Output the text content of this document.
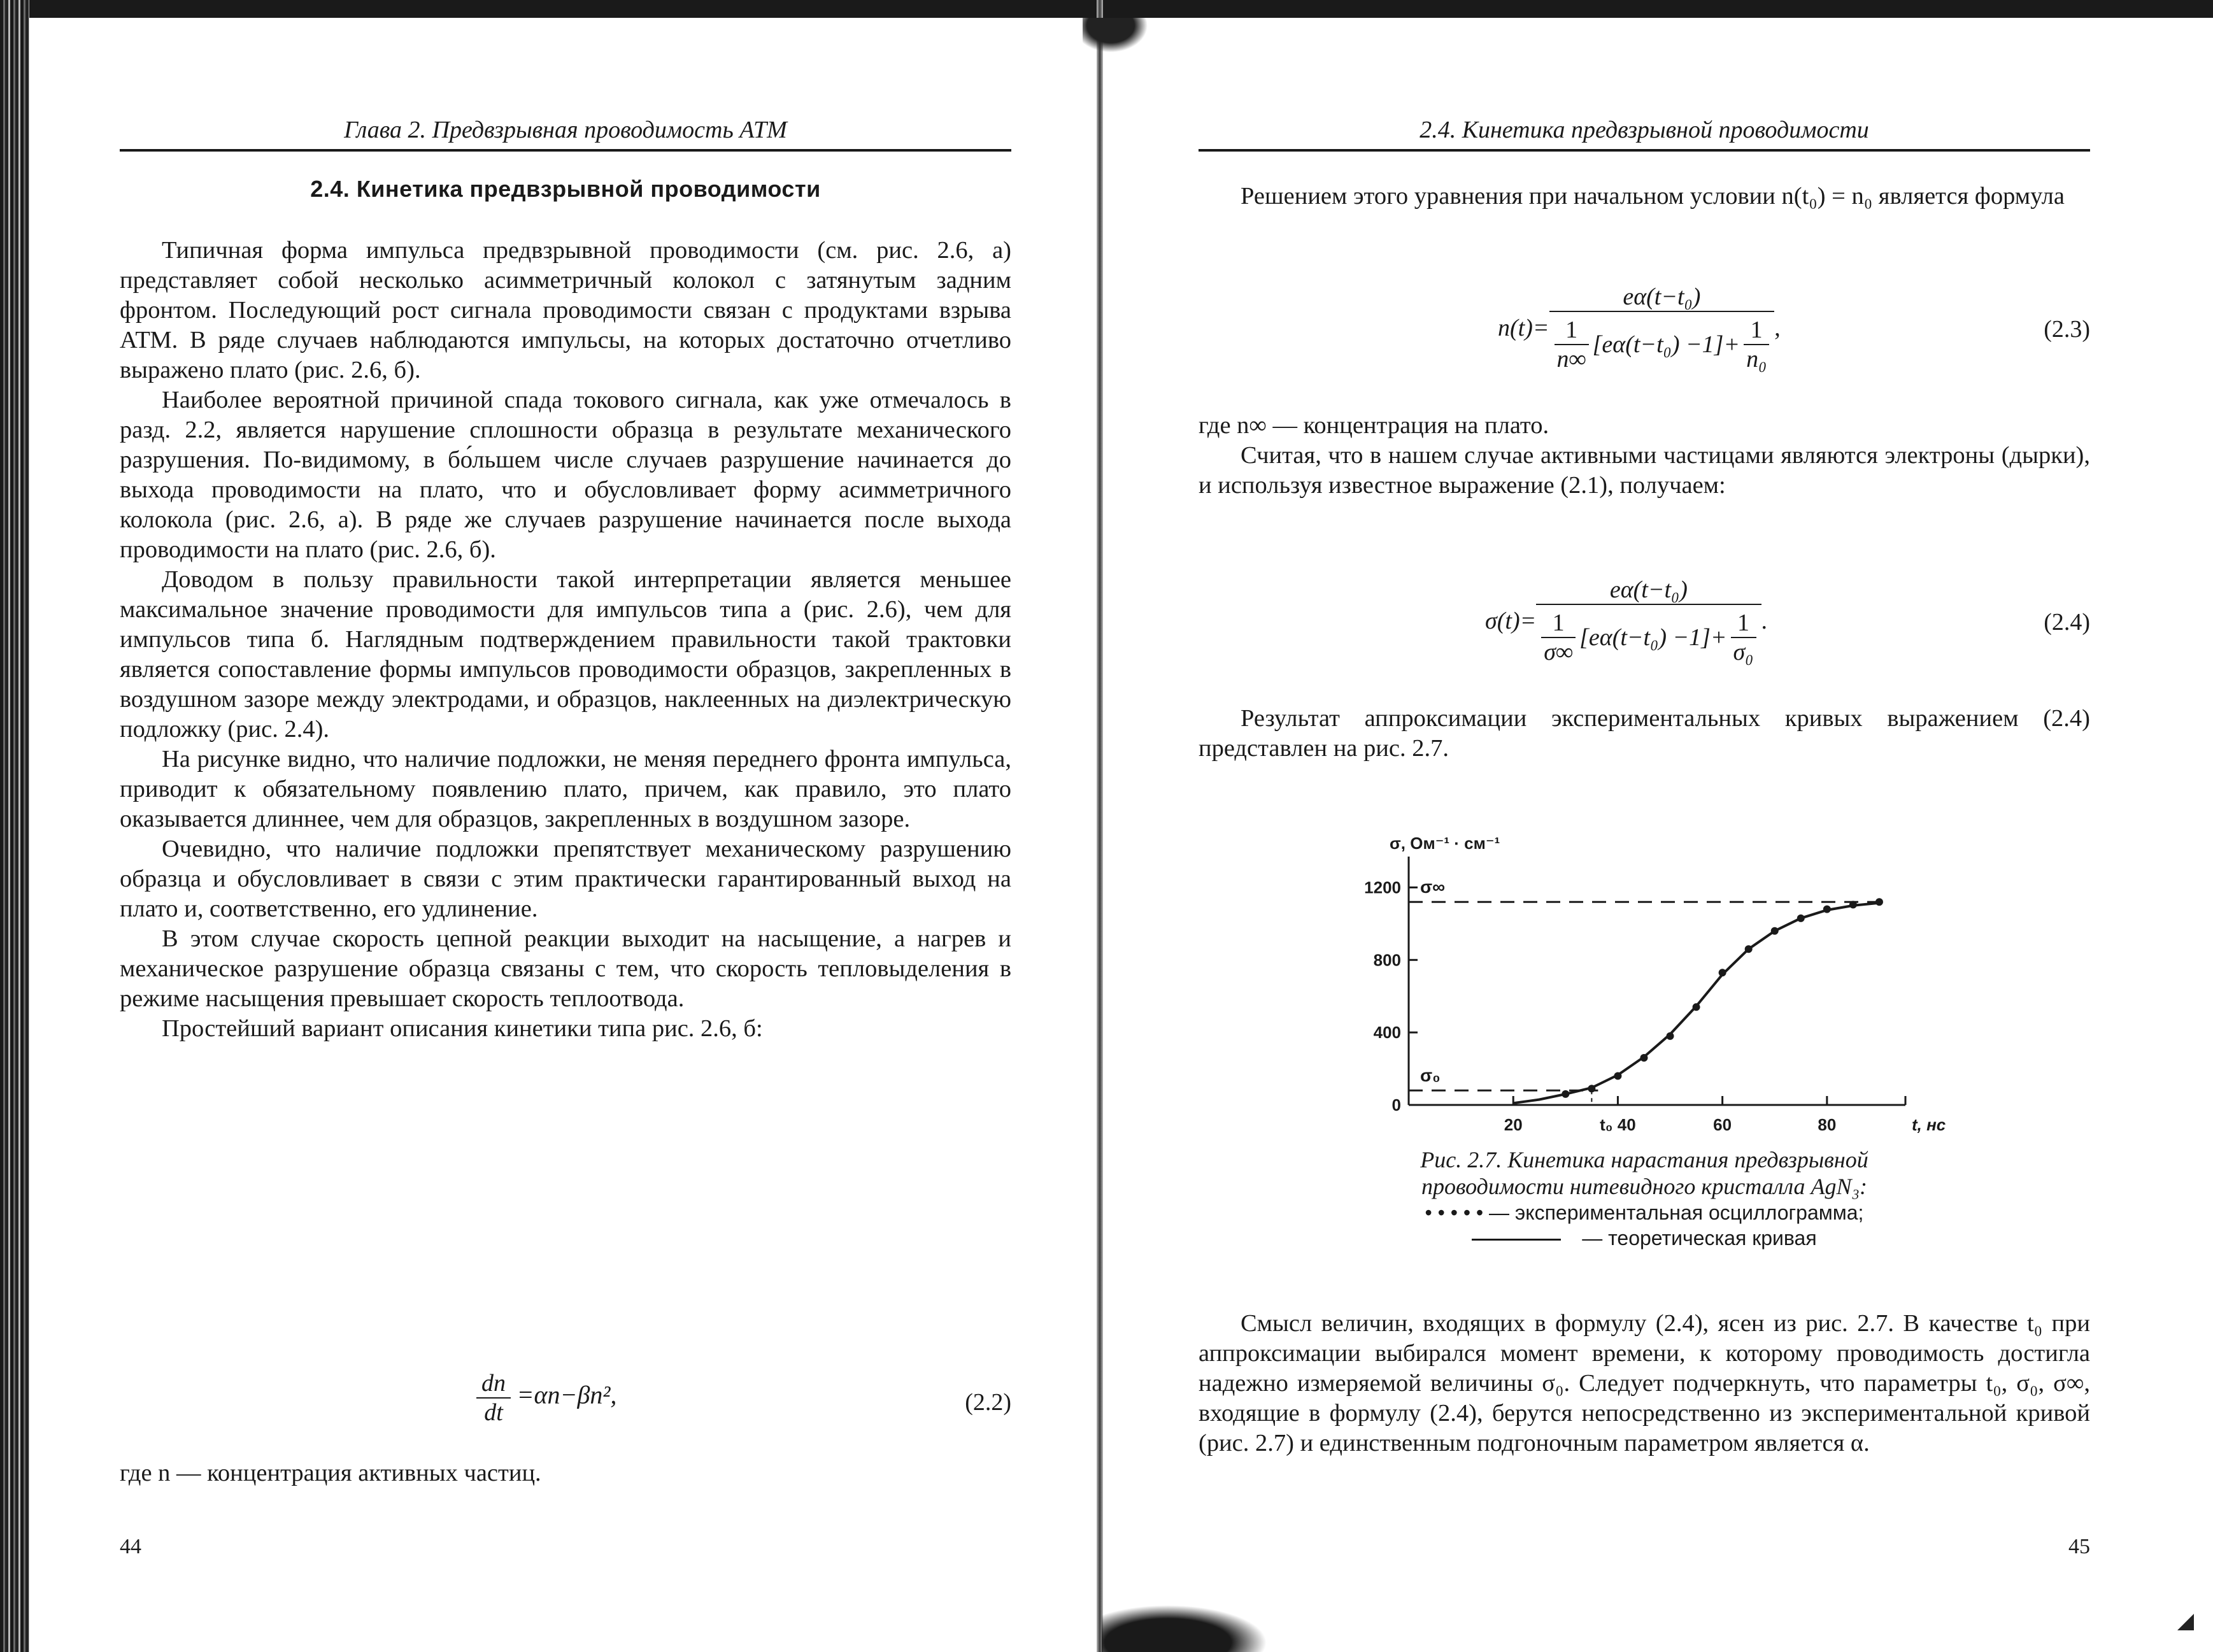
Глава 2. Предвзрывная проводимость АТМ
2.4. Кинетика предвзрывной проводимости

Типичная форма импульса предвзрывной проводимости (см. рис. 2.6, а) представляет собой несколько асимметричный колокол с затянутым задним фронтом. Последующий рост сигнала проводимости связан с продуктами взрыва АТМ. В ряде случаев наблюдаются импульсы, на которых достаточно отчетливо выражено плато (рис. 2.6, б).

Наиболее вероятной причиной спада токового сигнала, как уже отмечалось в разд. 2.2, является нарушение сплошности образца в результате механического разрушения. По-видимому, в бо́льшем числе случаев разрушение начинается до выхода проводимости на плато, что и обусловливает форму асимметричного колокола (рис. 2.6, а). В ряде же случаев разрушение начинается после выхода проводимости на плато (рис. 2.6, б).

Доводом в пользу правильности такой интерпретации является меньшее максимальное значение проводимости для импульсов типа а (рис. 2.6), чем для импульсов типа б. Наглядным подтверждением правильности такой трактовки является сопоставление формы импульсов проводимости образцов, закрепленных в воздушном зазоре между электродами, и образцов, наклеенных на диэлектрическую подложку (рис. 2.4).

На рисунке видно, что наличие подложки, не меняя переднего фронта импульса, приводит к обязательному появлению плато, причем, как правило, это плато оказывается длиннее, чем для образцов, закрепленных в воздушном зазоре.

Очевидно, что наличие подложки препятствует механическому разрушению образца и обусловливает в связи с этим практически гарантированный выход на плато и, соответственно, его удлинение.

В этом случае скорость цепной реакции выходит на насыщение, а нагрев и механическое разрушение образца связаны с тем, что скорость тепловыделения в режиме насыщения превышает скорость теплоотвода.

Простейший вариант описания кинетики типа рис. 2.6, б:

$\frac{dn}{dt} =\alpha n-\beta n^2$,	(2.2)

где n — концентрация активных частиц.

44
2.4. Кинетика предвзрывной проводимости

Решением этого уравнения при начальном условии n(t₀) = n₀ является формула

n(t)=
eα(t−t₀)
$\frac{1}{n\infty} [e\alpha(t-t_0) -1]+ \frac{1}{\text{n₀}}$ ,	(2.3)

где n∞ — концентрация на плато.

Считая, что в нашем случае активными частицами являются электроны (дырки), и используя известное выражение (2.1), получаем:

σ(t)=
eα(t−t₀)
$\frac{1}{\sigma\infty} [e\alpha(t-t_0) -1]+ \frac{1}{\text{σ₀}}$ .	(2.4)

Результат аппроксимации экспериментальных кривых выражением (2.4) представлен на рис. 2.7.

0
400
800
1200
20	t₀ 40	60	80
σ, Ом⁻¹ · см⁻¹
t, нс
σ∞
σ₀
Рис. 2.7. Кинетика нарастания предвзрывной
проводимости нитевидного кристалла AgN₃:
• • • • • — экспериментальная осциллограмма;
— теоретическая кривая

Смысл величин, входящих в формулу (2.4), ясен из рис. 2.7. В качестве t₀ при аппроксимации выбирался момент времени, к которому проводимость достигла надежно измеряемой величины σ₀. Следует подчеркнуть, что параметры t₀, σ₀, σ∞, входящие в формулу (2.4), берутся непосредственно из экспериментальной кривой (рис. 2.7) и единственным подгоночным параметром является α.

45
